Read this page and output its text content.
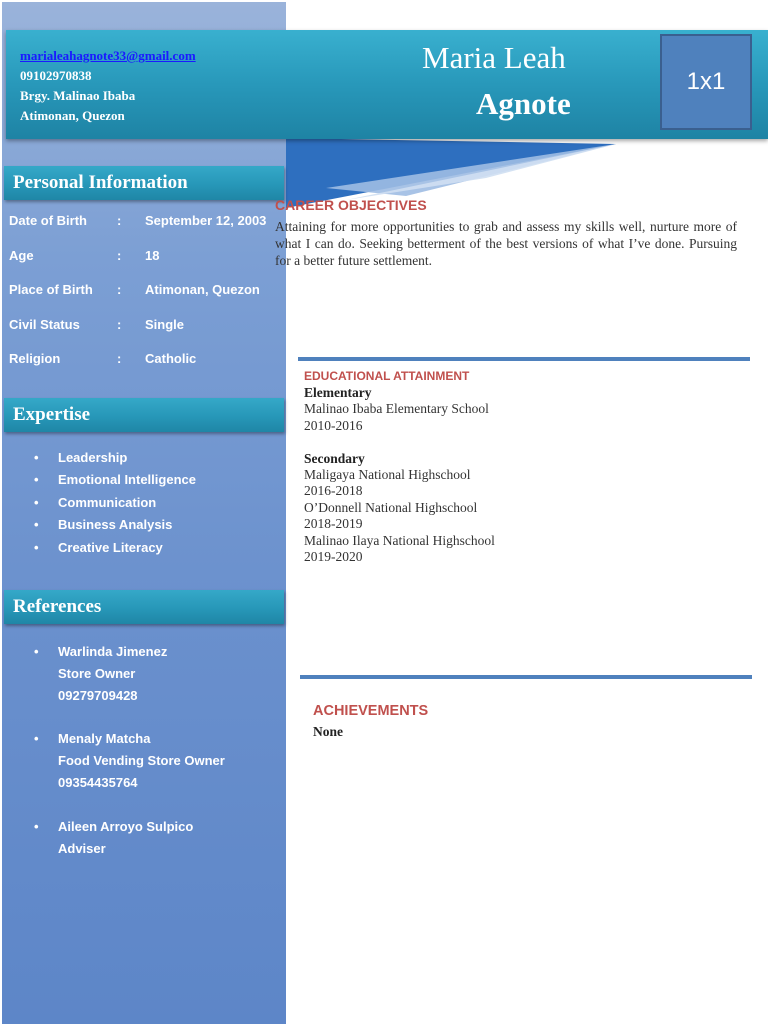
marialeahagnote33@gmail.com
09102970838
Brgy. Malinao Ibaba
Atimonan, Quezon
Maria Leah
Agnote
1x1
Personal Information
Date of Birth : September 12, 2003
Age	: 18
Place of Birth : Atimonan, Quezon
Civil Status	: Single
Religion	: Catholic
Expertise
• Leadership
• Emotional Intelligence
• Communication
• Business Analysis
• Creative Literacy
References
• Warlinda Jimenez
Store Owner
09279709428
• Menaly Matcha
Food Vending Store Owner
09354435764
• Aileen Arroyo Sulpico
Adviser
CAREER OBJECTIVES
Attaining for more opportunities to grab and assess my skills well, nurture more of what I can do. Seeking betterment of the best versions of what I’ve done. Pursuing for a better future settlement.
EDUCATIONAL ATTAINMENT
Elementary
Malinao Ibaba Elementary School
2010-2016
Secondary
Maligaya National Highschool
2016-2018
O’Donnell National Highschool
2018-2019
Malinao Ilaya National Highschool
2019-2020
ACHIEVEMENTS
None
